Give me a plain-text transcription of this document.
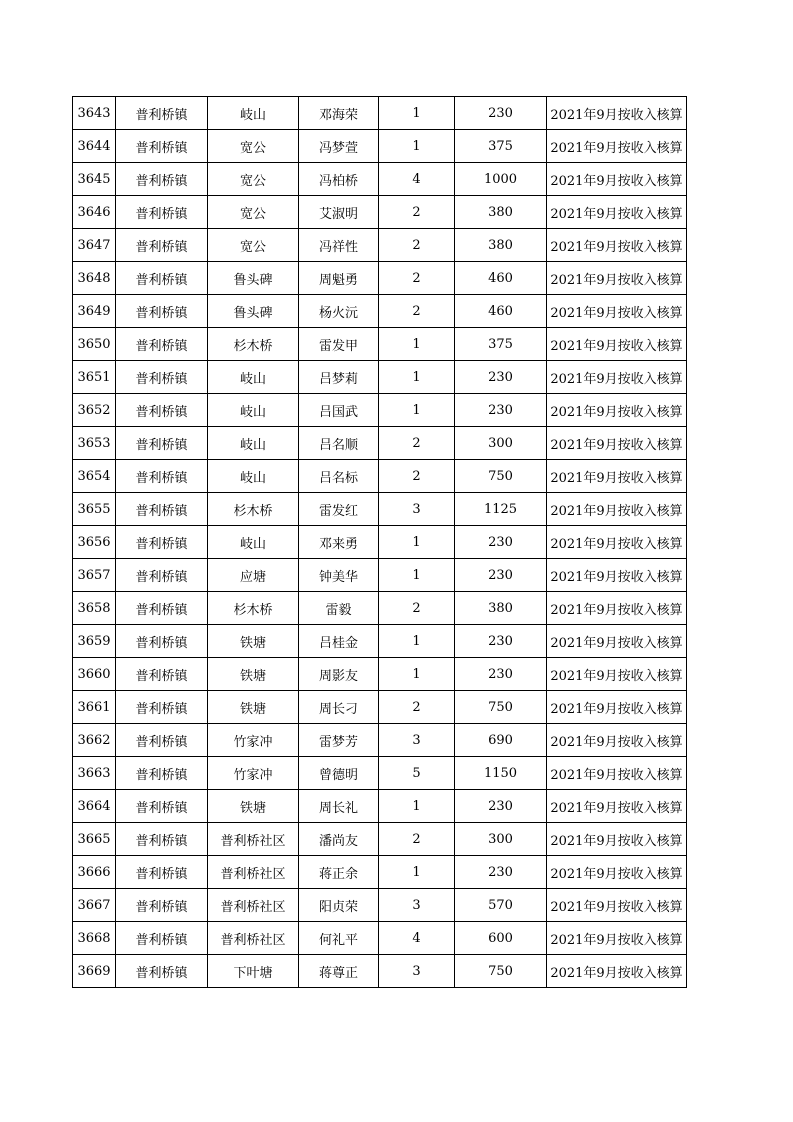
3643	普利桥镇	岐山	邓海荣	1	230	2021年9月按收入核算
3644	普利桥镇	宽公	冯梦萱	1	375	2021年9月按收入核算
3645	普利桥镇	宽公	冯柏桥	4	1000	2021年9月按收入核算
3646	普利桥镇	宽公	艾淑明	2	380	2021年9月按收入核算
3647	普利桥镇	宽公	冯祥性	2	380	2021年9月按收入核算
3648	普利桥镇	鲁头碑	周魁勇	2	460	2021年9月按收入核算
3649	普利桥镇	鲁头碑	杨火沅	2	460	2021年9月按收入核算
3650	普利桥镇	杉木桥	雷发甲	1	375	2021年9月按收入核算
3651	普利桥镇	岐山	吕梦莉	1	230	2021年9月按收入核算
3652	普利桥镇	岐山	吕国武	1	230	2021年9月按收入核算
3653	普利桥镇	岐山	吕名顺	2	300	2021年9月按收入核算
3654	普利桥镇	岐山	吕名标	2	750	2021年9月按收入核算
3655	普利桥镇	杉木桥	雷发红	3	1125	2021年9月按收入核算
3656	普利桥镇	岐山	邓来勇	1	230	2021年9月按收入核算
3657	普利桥镇	应塘	钟美华	1	230	2021年9月按收入核算
3658	普利桥镇	杉木桥	雷毅	2	380	2021年9月按收入核算
3659	普利桥镇	铁塘	吕桂金	1	230	2021年9月按收入核算
3660	普利桥镇	铁塘	周影友	1	230	2021年9月按收入核算
3661	普利桥镇	铁塘	周长刁	2	750	2021年9月按收入核算
3662	普利桥镇	竹家冲	雷梦芳	3	690	2021年9月按收入核算
3663	普利桥镇	竹家冲	曾德明	5	1150	2021年9月按收入核算
3664	普利桥镇	铁塘	周长礼	1	230	2021年9月按收入核算
3665	普利桥镇	普利桥社区	潘尚友	2	300	2021年9月按收入核算
3666	普利桥镇	普利桥社区	蒋正余	1	230	2021年9月按收入核算
3667	普利桥镇	普利桥社区	阳贞荣	3	570	2021年9月按收入核算
3668	普利桥镇	普利桥社区	何礼平	4	600	2021年9月按收入核算
3669	普利桥镇	下叶塘	蒋尊正	3	750	2021年9月按收入核算
